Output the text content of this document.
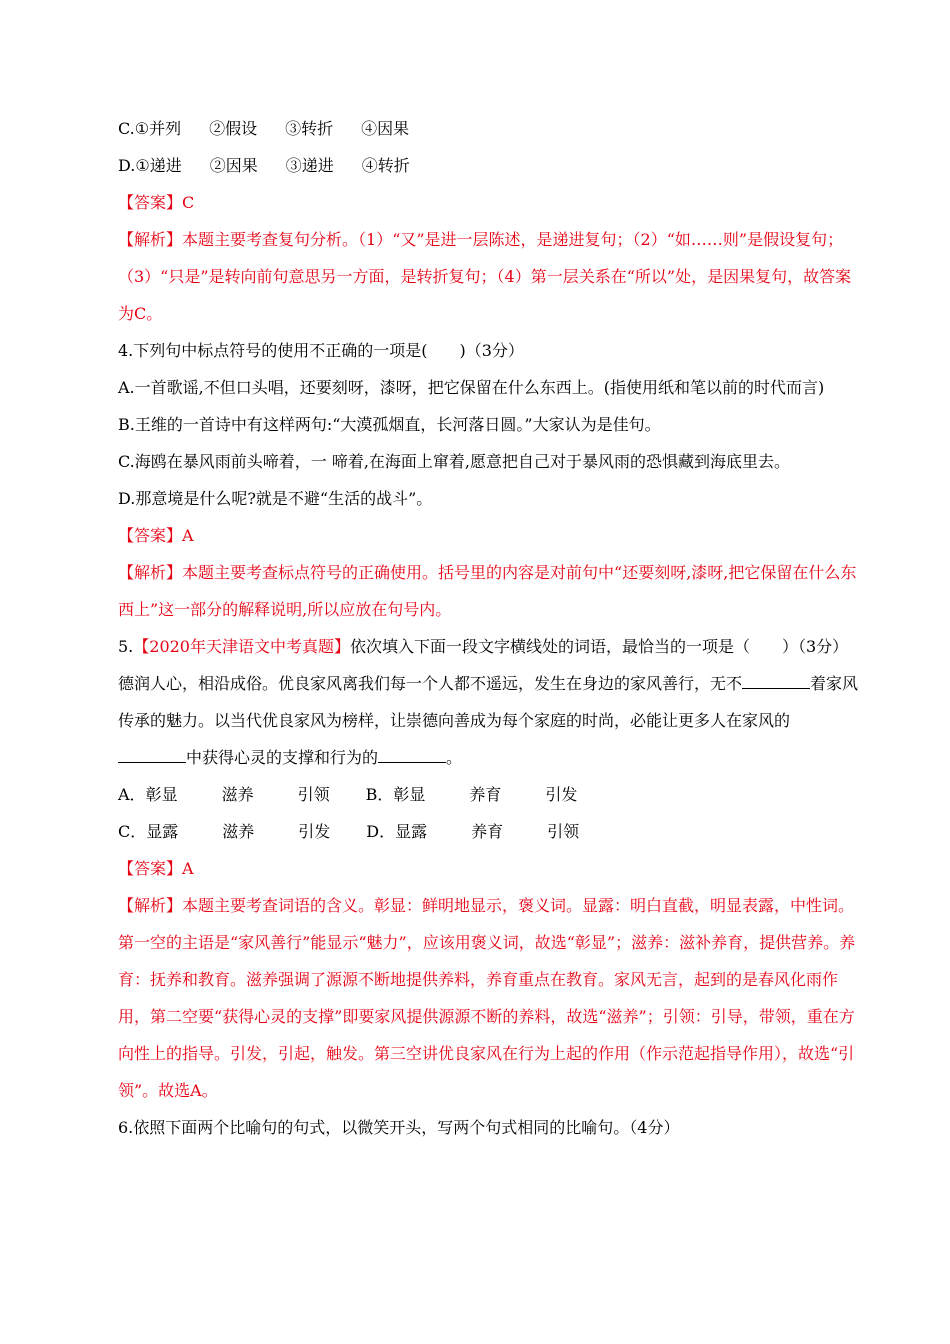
C.①并列 ②假设 ③转折 ④因果

D.①递进 ②因果 ③递进 ④转折

【答案】C

【解析】本题主要考查复句分析。（1）“又”是进一层陈述，是递进复句；（2）“如……则”是假设复句；（3）“只是”是转向前句意思另一方面，是转折复句；（4）第一层关系在“所以”处，是因果复句，故答案为C。

4.下列句中标点符号的使用不正确的一项是(　　)（3分）

A.一首歌谣,不但口头唱，还要刻呀，漆呀，把它保留在什么东西上。(指使用纸和笔以前的时代而言)

B.王维的一首诗中有这样两句:“大漠孤烟直，长河落日圆。”大家认为是佳句。

C.海鸥在暴风雨前头啼着，一 啼着,在海面上窜着,愿意把自己对于暴风雨的恐惧藏到海底里去。

D.那意境是什么呢?就是不避“生活的战斗”。

【答案】A

【解析】本题主要考查标点符号的正确使用。括号里的内容是对前句中“还要刻呀,漆呀,把它保留在什么东西上”这一部分的解释说明,所以应放在句号内。

5.【2020年天津语文中考真题】依次填入下面一段文字横线处的词语，最恰当的一项是（　　）（3分）

德润人心，相沿成俗。优良家风离我们每一个人都不遥远，发生在身边的家风善行，无不	着家风传承的魅力。以当代优良家风为榜样，让崇德向善成为每个家庭的时尚，必能让更多人在家风的
中获得心灵的支撑和行为的	。

A．彰显	滋养	引领 B．彰显	养育	引发

C．显露	滋养	引发 D．显露	养育	引领

【答案】A

【解析】本题主要考查词语的含义。彰显：鲜明地显示，褒义词。显露：明白直截，明显表露，中性词。第一空的主语是“家风善行”能显示“魅力”，应该用褒义词，故选“彰显”；滋养：滋补养育，提供营养。养育：抚养和教育。滋养强调了源源不断地提供养料，养育重点在教育。家风无言，起到的是春风化雨作用，第二空要“获得心灵的支撑”即要家风提供源源不断的养料，故选“滋养”；引领：引导，带领，重在方向性上的指导。引发，引起，触发。第三空讲优良家风在行为上起的作用（作示范起指导作用），故选“引领”。故选A。

6.依照下面两个比喻句的句式，以微笑开头，写两个句式相同的比喻句。（4分）
